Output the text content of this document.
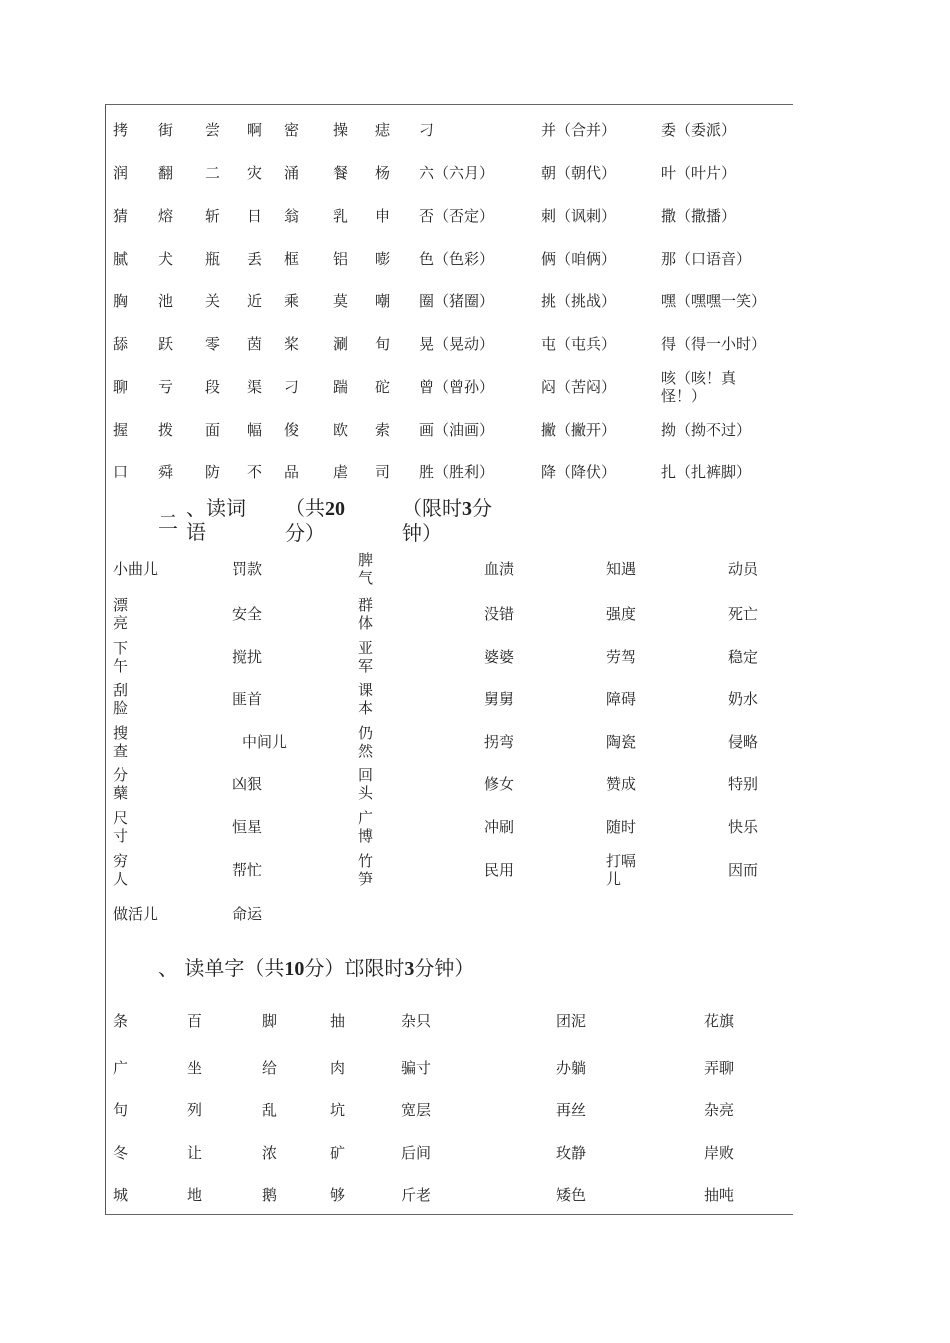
拷 街 尝 啊 密 操 痣 刁	并（合并）	委（委派）
润 翻 二 灾 涌 餐 杨 六（六月）	朝（朝代）	叶（叶片）
猜 熔 斩 日 翁 乳 申 否（否定）	刺（讽刺）	撒（撒播）
腻 犬 瓶 丢 框 铝 嘭 色（色彩）	俩（咱俩）	那（口语音）
胸 池 关 近 乘 莫 嘲 圈（猪圈）	挑（挑战）	嘿（嘿嘿一笑）
舔 跃 零 茵 桨 涮 旬 晃（晃动）	屯（屯兵）	得（得一小时）
聊 亏 段 渠 刁 踹 砣 曾（曾孙）	闷（苦闷）	咳（咳！真怪！）
握 拨 面 幅 俊 欧 索 画（油画）	撇（撇开）	拗（拗不过）
口 舜 防 不 品 虐 司 胜（胜利）	降（降伏）	扎（扎裤脚）
二
、读词语
（共20分）
（限时3分钟）
小曲儿	罚款	脾气	血渍	知遇	动员
漂亮	安全	群体	没错	强度	死亡
下午	搅扰	亚军	婆婆	劳驾	稳定
刮脸	匪首	课本	舅舅	障碍	奶水
搜查	中间儿	仍然	拐弯	陶瓷	侵略
分蘖	凶狠	回头	修女	赞成	特别
尺寸	恒星	广博	冲刷	随时	快乐
穷人	帮忙	竹笋	民用	打嗝儿	因而
做活儿	命运
、 读单字（共10分）邙限时3分钟）
条	百	脚	抽	杂只	团泥	花旗
广	坐	给	肉	骗寸	办躺	弄聊
句	列	乱	坑	宽层	再丝	杂亮
冬	让	浓	矿	后间	玫静	岸败
城	地	鹅	够	斤老	矮色	抽吨
